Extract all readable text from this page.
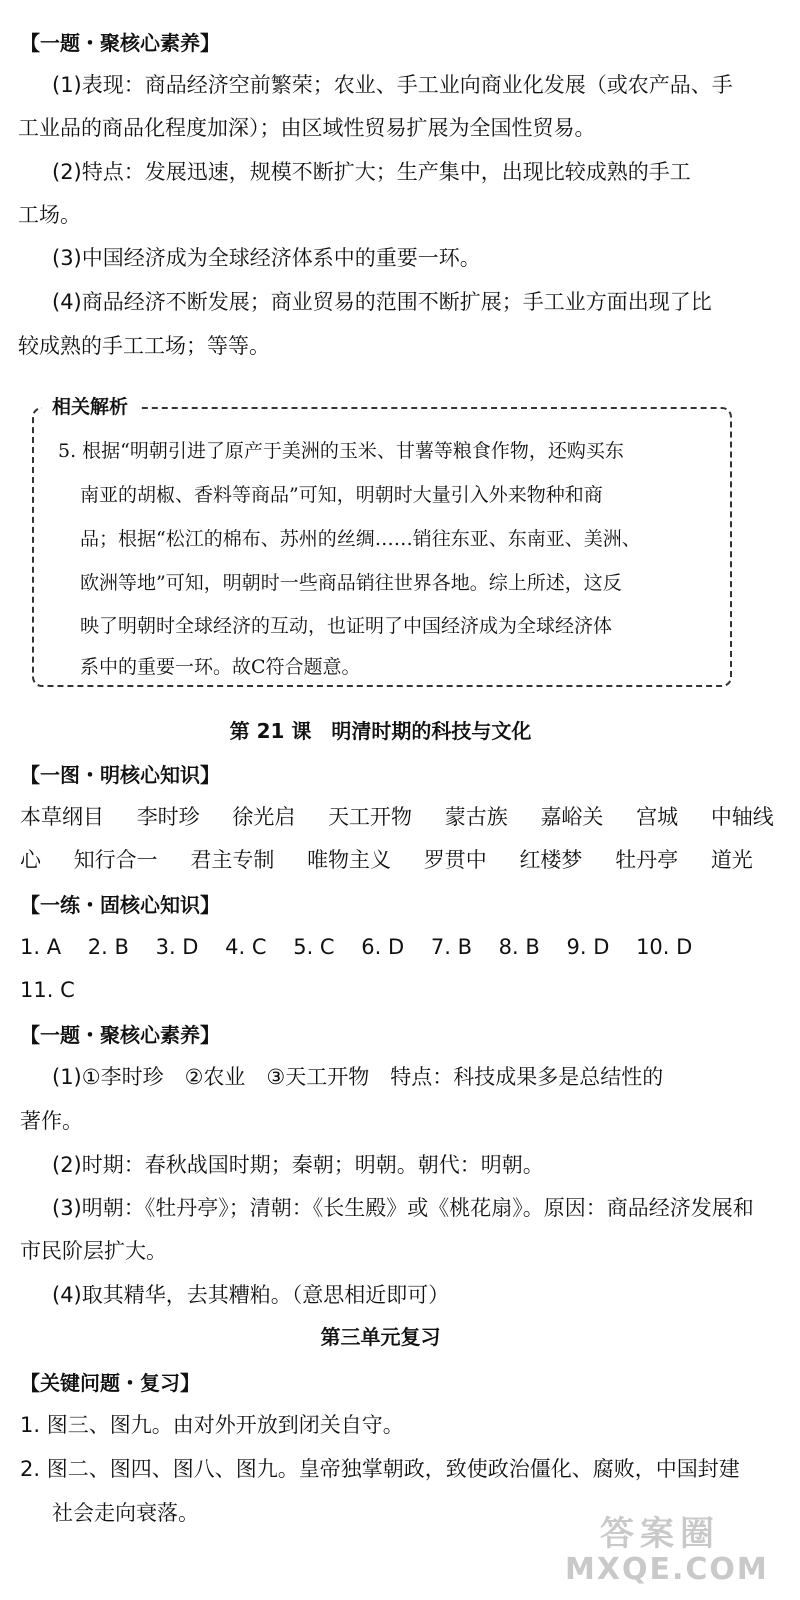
【一题・聚核心素养】
(1)表现：商品经济空前繁荣；农业、手工业向商业化发展（或农产品、手
工业品的商品化程度加深）；由区域性贸易扩展为全国性贸易。
(2)特点：发展迅速，规模不断扩大；生产集中，出现比较成熟的手工
工场。
(3)中国经济成为全球经济体系中的重要一环。
(4)商品经济不断发展；商业贸易的范围不断扩展；手工业方面出现了比
较成熟的手工工场；等等。
相关解析
5. 根据“明朝引进了原产于美洲的玉米、甘薯等粮食作物，还购买东
南亚的胡椒、香料等商品”可知，明朝时大量引入外来物种和商
品；根据“松江的棉布、苏州的丝绸……销往东亚、东南亚、美洲、
欧洲等地”可知，明朝时一些商品销往世界各地。综上所述，这反
映了明朝时全球经济的互动，也证明了中国经济成为全球经济体
系中的重要一环。故C符合题意。
第 21 课　明清时期的科技与文化
【一图・明核心知识】
本草纲目 李时珍 徐光启 天工开物 蒙古族 嘉峪关 宫城 中轴线
心 知行合一 君主专制 唯物主义 罗贯中 红楼梦 牡丹亭 道光
【一练・固核心知识】
1. A 2. B 3. D 4. C 5. C 6. D 7. B 8. B 9. D 10. D
11. C
【一题・聚核心素养】
(1)①李时珍　②农业　③天工开物　特点：科技成果多是总结性的
著作。
(2)时期：春秋战国时期；秦朝；明朝。朝代：明朝。
(3)明朝：《牡丹亭》；清朝：《长生殿》或《桃花扇》。原因：商品经济发展和
市民阶层扩大。
(4)取其精华，去其糟粕。（意思相近即可）
第三单元复习
【关键问题・复习】
1. 图三、图九。由对外开放到闭关自守。
2. 图二、图四、图八、图九。皇帝独掌朝政，致使政治僵化、腐败，中国封建
社会走向衰落。
答案圈
MXQE.COM
